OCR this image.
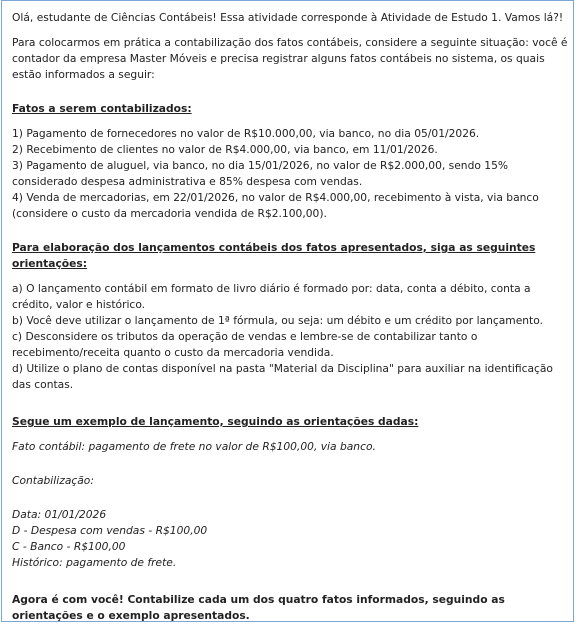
Olá, estudante de Ciências Contábeis! Essa atividade corresponde à Atividade de Estudo 1. Vamos lá?!

Para colocarmos em prática a contabilização dos fatos contábeis, considere a seguinte situação: você é contador da empresa Master Móveis e precisa registrar alguns fatos contábeis no sistema, os quais estão informados a seguir:

Fatos a serem contabilizados:

1) Pagamento de fornecedores no valor de R$10.000,00, via banco, no dia 05/01/2026.

2) Recebimento de clientes no valor de R$4.000,00, via banco, em 11/01/2026.

3) Pagamento de aluguel, via banco, no dia 15/01/2026, no valor de R$2.000,00, sendo 15% considerado despesa administrativa e 85% despesa com vendas.

4) Venda de mercadorias, em 22/01/2026, no valor de R$4.000,00, recebimento à vista, via banco (considere o custo da mercadoria vendida de R$2.100,00).

Para elaboração dos lançamentos contábeis dos fatos apresentados, siga as seguintes orientações:

a) O lançamento contábil em formato de livro diário é formado por: data, conta a débito, conta a crédito, valor e histórico.

b) Você deve utilizar o lançamento de 1ª fórmula, ou seja: um débito e um crédito por lançamento.

c) Desconsidere os tributos da operação de vendas e lembre-se de contabilizar tanto o recebimento/receita quanto o custo da mercadoria vendida.

d) Utilize o plano de contas disponível na pasta "Material da Disciplina" para auxiliar na identificação das contas.

Segue um exemplo de lançamento, seguindo as orientações dadas:

Fato contábil: pagamento de frete no valor de R$100,00, via banco.

Contabilização:

Data: 01/01/2026

D - Despesa com vendas - R$100,00

C - Banco - R$100,00

Histórico: pagamento de frete.

Agora é com você! Contabilize cada um dos quatro fatos informados, seguindo as orientações e o exemplo apresentados.
